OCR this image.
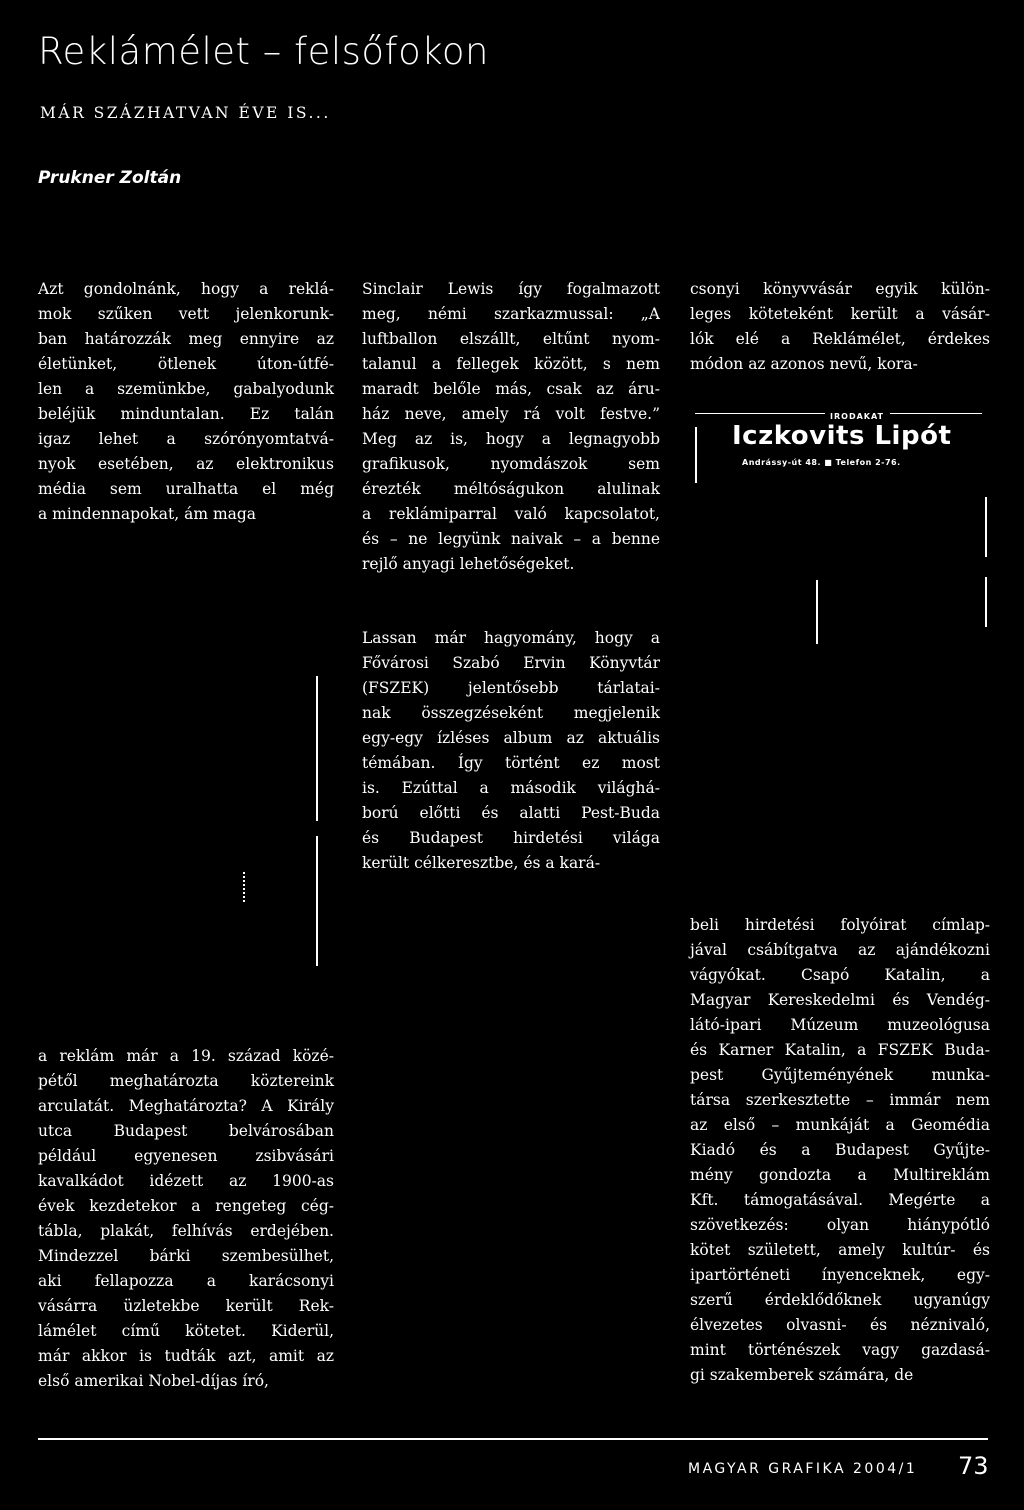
Reklámélet – felsőfokon
MÁR SZÁZHATVAN ÉVE IS...
Prukner Zoltán
Azt gondolnánk, hogy a reklá-
mok szűken vett jelenkorunk-
ban határozzák meg ennyire az
életünket, ötlenek úton-útfé-
len a szemünkbe, gabalyodunk
beléjük minduntalan. Ez talán
igaz lehet a szórónyomtatvá-
nyok esetében, az elektronikus
média sem uralhatta el még
a mindennapokat, ám maga
Sinclair Lewis így fogalmazott
meg, némi szarkazmussal: „A
luftballon elszállt, eltűnt nyom-
talanul a fellegek között, s nem
maradt belőle más, csak az áru-
ház neve, amely rá volt festve.”
Meg az is, hogy a legnagyobb
grafikusok, nyomdászok sem
érezték méltóságukon alulinak
a reklámiparral való kapcsolatot,
és – ne legyünk naivak – a benne
rejlő anyagi lehetőségeket.
csonyi könyvvásár egyik külön-
leges köteteként került a vásár-
lók elé a Reklámélet, érdekes
módon az azonos nevű, kora-
Lassan már hagyomány, hogy a
Fővárosi Szabó Ervin Könyvtár
(FSZEK) jelentősebb tárlatai-
nak összegzéseként megjelenik
egy-egy ízléses album az aktuális
témában. Így történt ez most
is. Ezúttal a második világhá-
ború előtti és alatti Pest-Buda
és Budapest hirdetési világa
került célkeresztbe, és a kará-
a reklám már a 19. század közé-
pétől meghatározta köztereink
arculatát. Meghatározta? A Király
utca Budapest belvárosában
például egyenesen zsibvásári
kavalkádot idézett az 1900-as
évek kezdetekor a rengeteg cég-
tábla, plakát, felhívás erdejében.
Mindezzel bárki szembesülhet,
aki fellapozza a karácsonyi
vásárra üzletekbe került Rek-
lámélet című kötetet. Kiderül,
már akkor is tudták azt, amit az
első amerikai Nobel-díjas író,
beli hirdetési folyóirat címlap-
jával csábítgatva az ajándékozni
vágyókat. Csapó Katalin, a
Magyar Kereskedelmi és Vendég-
látó-ipari Múzeum muzeológusa
és Karner Katalin, a FSZEK Buda-
pest Gyűjteményének munka-
társa szerkesztette – immár nem
az első – munkáját a Geomédia
Kiadó és a Budapest Gyűjte-
mény gondozta a Multireklám
Kft. támogatásával. Megérte a
szövetkezés: olyan hiánypótló
kötet született, amely kultúr- és
ipartörténeti ínyenceknek, egy-
szerű érdeklődőknek ugyanúgy
élvezetes olvasni- és néznivaló,
mint történészek vagy gazdasá-
gi szakemberek számára, de
IRODAKAT
Iczkovits Lipót
Andrássy-út 48. ■ Telefon 2-76.
MAGYAR GRAFIKA 2004/1 73
